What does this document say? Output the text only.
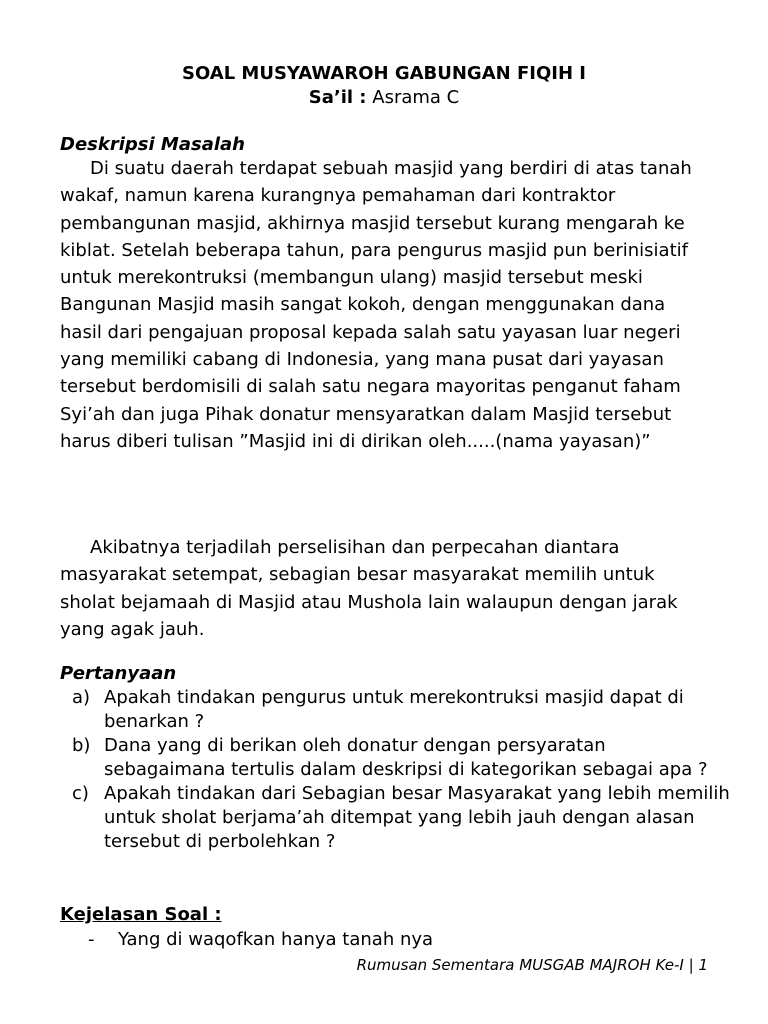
SOAL MUSYAWAROH GABUNGAN FIQIH I
Sa’il : Asrama C
Deskripsi Masalah

Di suatu daerah terdapat sebuah masjid yang berdiri di atas tanah wakaf, namun karena kurangnya pemahaman dari kontraktor pembangunan masjid, akhirnya masjid tersebut kurang mengarah ke kiblat. Setelah beberapa tahun, para pengurus masjid pun berinisiatif untuk merekontruksi (membangun ulang) masjid tersebut meski Bangunan Masjid masih sangat kokoh, dengan menggunakan dana hasil dari pengajuan proposal kepada salah satu yayasan luar negeri yang memiliki cabang di Indonesia, yang mana pusat dari yayasan tersebut berdomisili di salah satu negara mayoritas penganut faham Syi’ah dan juga Pihak donatur mensyaratkan dalam Masjid tersebut harus diberi tulisan ”Masjid ini di dirikan oleh.....(nama yayasan)”

Akibatnya terjadilah perselisihan dan perpecahan diantara masyarakat setempat, sebagian besar masyarakat memilih untuk sholat bejamaah di Masjid atau Mushola lain walaupun dengan jarak yang agak jauh.

Pertanyaan
a) Apakah tindakan pengurus untuk merekontruksi masjid dapat di benarkan ?
b) Dana yang di berikan oleh donatur dengan persyaratan sebagaimana tertulis dalam deskripsi di kategorikan sebagai apa ?
c) Apakah tindakan dari Sebagian besar Masyarakat yang lebih memilih untuk sholat berjama’ah ditempat yang lebih jauh dengan alasan tersebut di perbolehkan ?
Kejelasan Soal :
- Yang di waqofkan hanya tanah nya
Rumusan Sementara MUSGAB MAJROH Ke-I | 1
